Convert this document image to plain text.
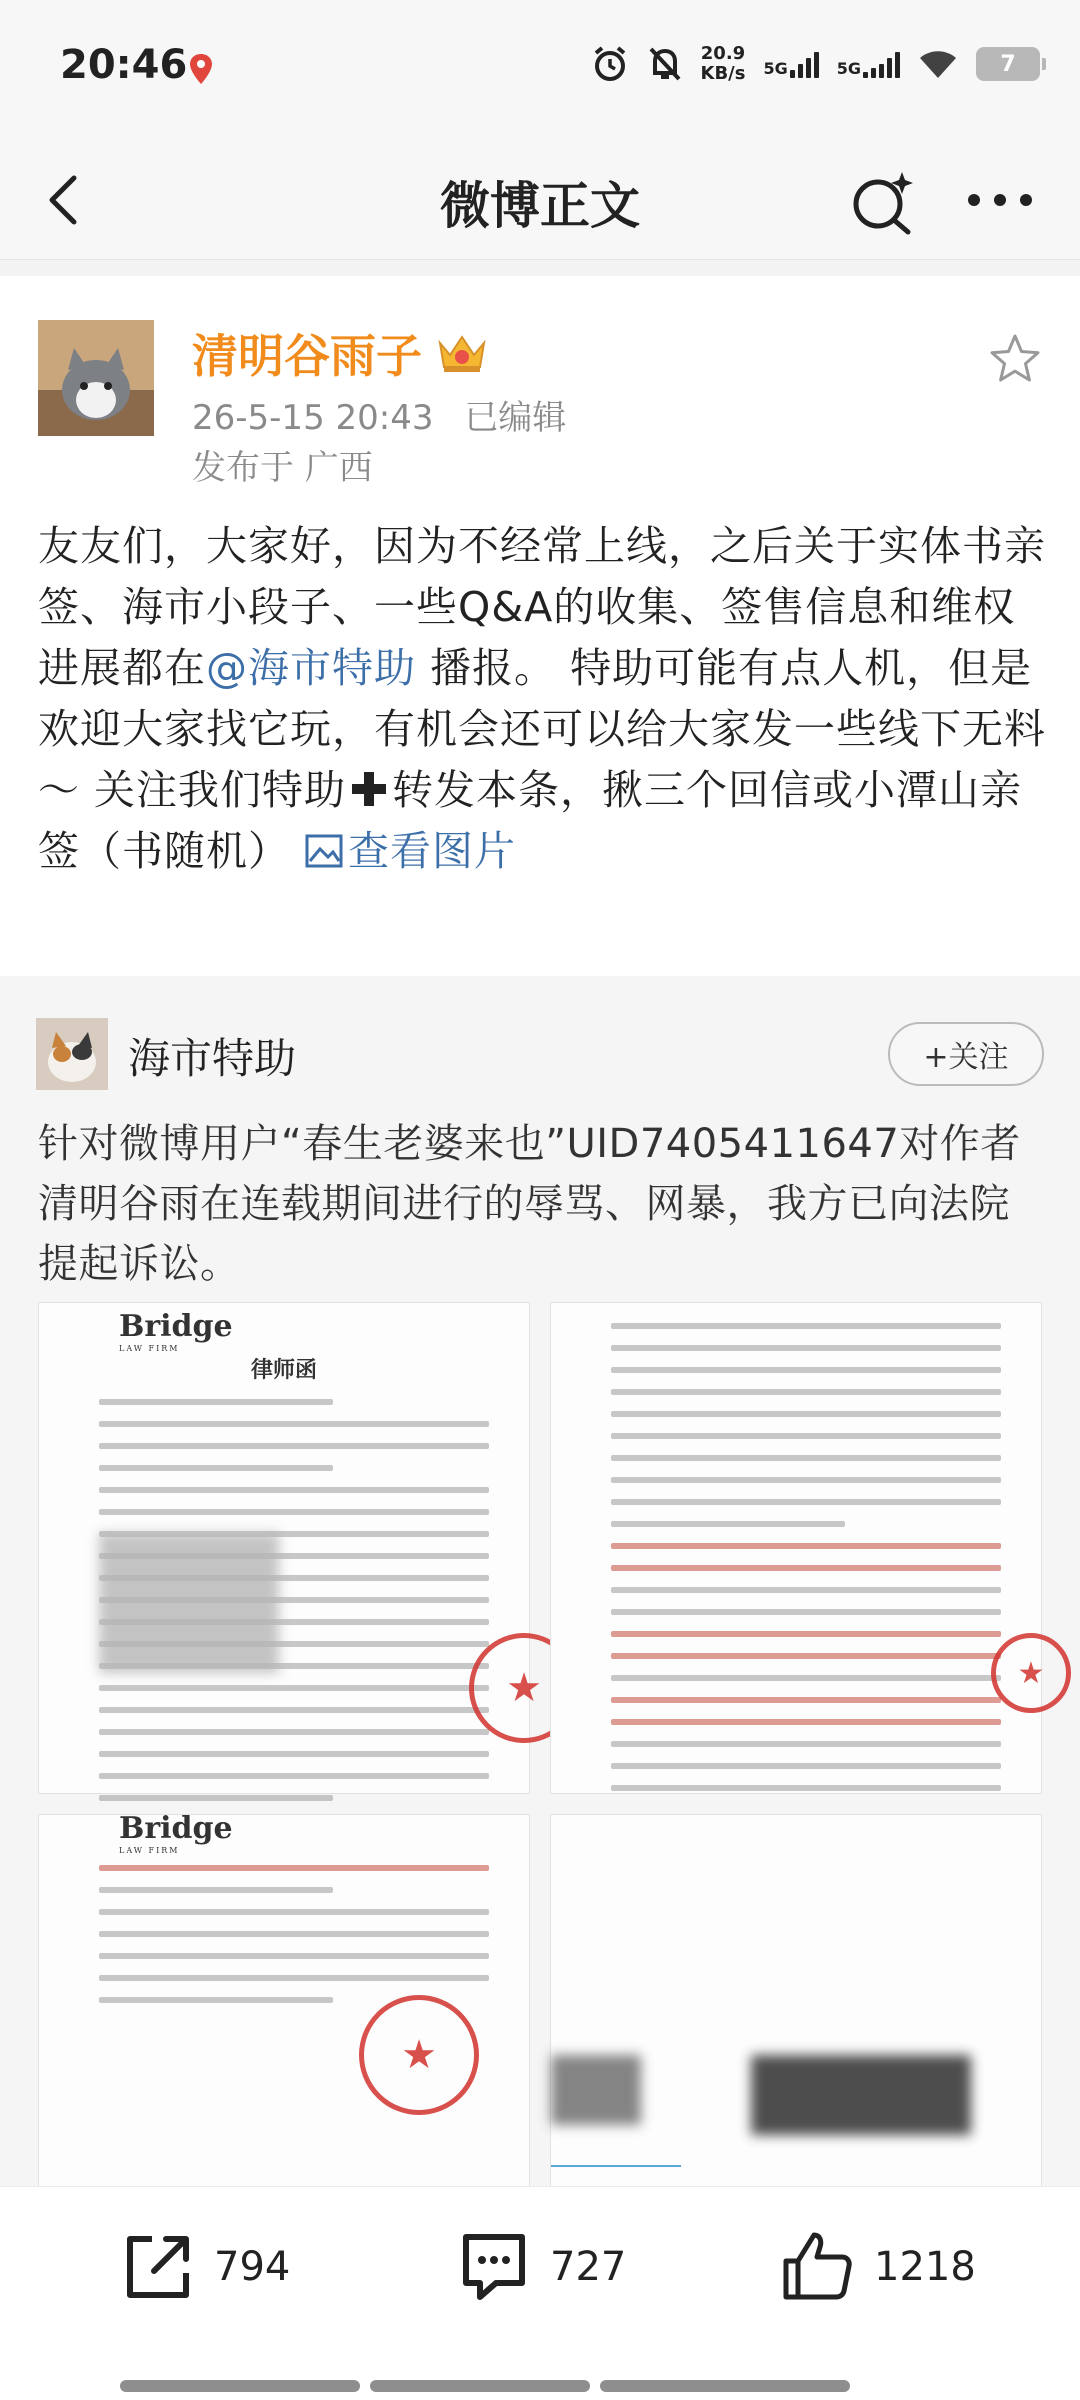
20:46	20.9
KB/s 5G	5G	7
微博正文
清明谷雨子
26-5-15 20:43 已编辑
发布于 广西
友友们，大家好，因为不经常上线，之后关于实体书亲签、海市小段子、一些Q&A的收集、签售信息和维权进展都在@海市特助 播报。 特助可能有点人机，但是欢迎大家找它玩，有机会还可以给大家发一些线下无料～ 关注我们特助 转发本条，揪三个回信或小潭山亲签（书随机） 查看图片
海市特助	+关注
针对微博用户“春生老婆来也”UID7405411647对作者清明谷雨在连载期间进行的辱骂、网暴，我方已向法院提起诉讼。
Bridge
LAW FIRM
律师函
★	★
Bridge
LAW FIRM
★
794	727	1218
